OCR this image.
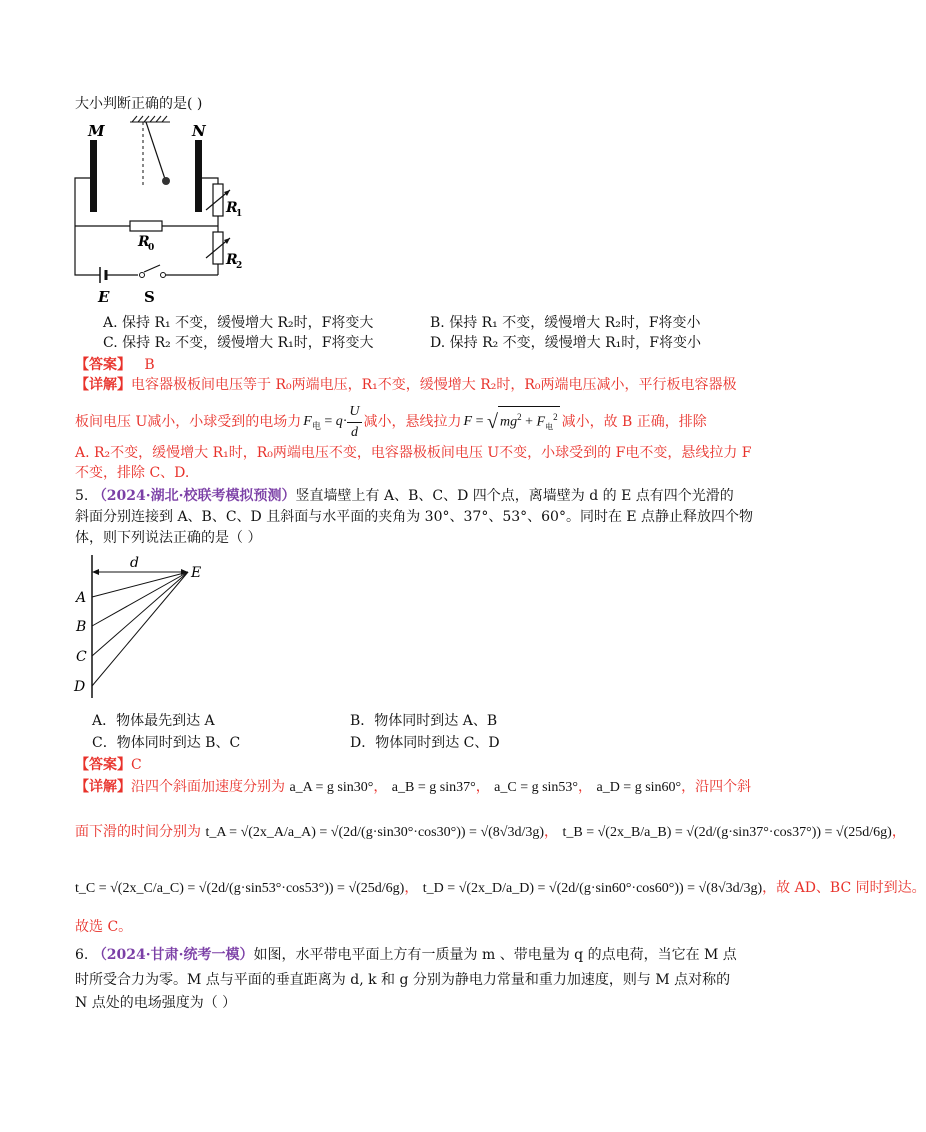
大小判断正确的是( )
M	N
R
1
R
0
R
2
E S
A. 保持 R₁ 不变，缓慢增大 R₂时，F将变大	B. 保持 R₁ 不变，缓慢增大 R₂时，F将变小
C. 保持 R₂ 不变，缓慢增大 R₁时，F将变大	D. 保持 R₂ 不变，缓慢增大 R₁时，F将变小
【答案】 B
【详解】电容器极板间电压等于 R₀两端电压，R₁不变，缓慢增大 R₂时，R₀两端电压减小，平行板电容器极
板间电压 U减小，小球受到的电场力 F 电 = $q \cdot \frac{U}{d}$ 减小，悬线拉力 F = √ $mg^2 + F_电^2$ 减小，故 B 正确，排除
A. R₂不变，缓慢增大 R₁时，R₀两端电压不变，电容器极板间电压 U不变，小球受到的 F电不变，悬线拉力 F
不变，排除 C、D.
5. （2024·湖北·校联考模拟预测）竖直墙壁上有 A、B、C、D 四个点，离墙壁为 d 的 E 点有四个光滑的
斜面分别连接到 A、B、C、D 且斜面与水平面的夹角为 30°、37°、53°、60°。同时在 E 点静止释放四个物
体，则下列说法正确的是（ ）
d
E
A
B
C
D
A．物体最先到达 A	B．物体同时到达 A、B
C．物体同时到达 B、C	D．物体同时到达 C、D
【答案】C
【详解】沿四个斜面加速度分别为 a_A = g sin30°， a_B = g sin37°， a_C = g sin53°， a_D = g sin60°，沿四个斜
面下滑的时间分别为 t_A = √(2x_A/a_A) = √(2d/(g·sin30°·cos30°)) = √(8√3d/3g)， t_B = √(2x_B/a_B) = √(2d/(g·sin37°·cos37°)) = √(25d/6g)，
t_C = √(2x_C/a_C) = √(2d/(g·sin53°·cos53°)) = √(25d/6g)， t_D = √(2x_D/a_D) = √(2d/(g·sin60°·cos60°)) = √(8√3d/3g)，故 AD、BC 同时到达。
故选 C。
6. （2024·甘肃·统考一模）如图，水平带电平面上方有一质量为 m 、带电量为 q 的点电荷，当它在 M 点
时所受合力为零。M 点与平面的垂直距离为 d, k 和 g 分别为静电力常量和重力加速度，则与 M 点对称的
N 点处的电场强度为（ ）
